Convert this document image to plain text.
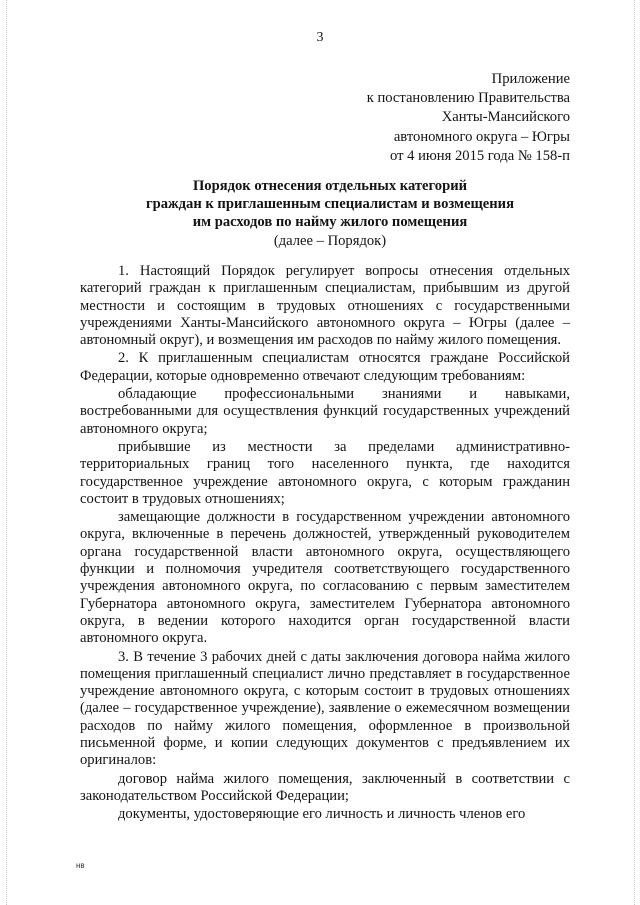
3
Приложение
к постановлению Правительства
Ханты-Мансийского
автономного округа – Югры
от 4 июня 2015 года № 158-п
Порядок отнесения отдельных категорий
граждан к приглашенным специалистам и возмещения
им расходов по найму жилого помещения
(далее – Порядок)

1. Настоящий Порядок регулирует вопросы отнесения отдельных категорий граждан к приглашенным специалистам, прибывшим из другой местности и состоящим в трудовых отношениях с государственными учреждениями Ханты-Мансийского автономного округа – Югры (далее – автономный округ), и возмещения им расходов по найму жилого помещения.

2. К приглашенным специалистам относятся граждане Российской Федерации, которые одновременно отвечают следующим требованиям:

обладающие профессиональными знаниями и навыками, востребованными для осуществления функций государственных учреждений автономного округа;

прибывшие из местности за пределами административно-территориальных границ того населенного пункта, где находится государственное учреждение автономного округа, с которым гражданин состоит в трудовых отношениях;

замещающие должности в государственном учреждении автономного округа, включенные в перечень должностей, утвержденный руководителем органа государственной власти автономного округа, осуществляющего функции и полномочия учредителя соответствующего государственного учреждения автономного округа, по согласованию с первым заместителем Губернатора автономного округа, заместителем Губернатора автономного округа, в ведении которого находится орган государственной власти автономного округа.

3. В течение 3 рабочих дней с даты заключения договора найма жилого помещения приглашенный специалист лично представляет в государственное учреждение автономного округа, с которым состоит в трудовых отношениях (далее – государственное учреждение), заявление о ежемесячном возмещении расходов по найму жилого помещения, оформленное в произвольной письменной форме, и копии следующих документов с предъявлением их оригиналов:

договор найма жилого помещения, заключенный в соответствии с законодательством Российской Федерации;

документы, удостоверяющие его личность и личность членов его

нв
